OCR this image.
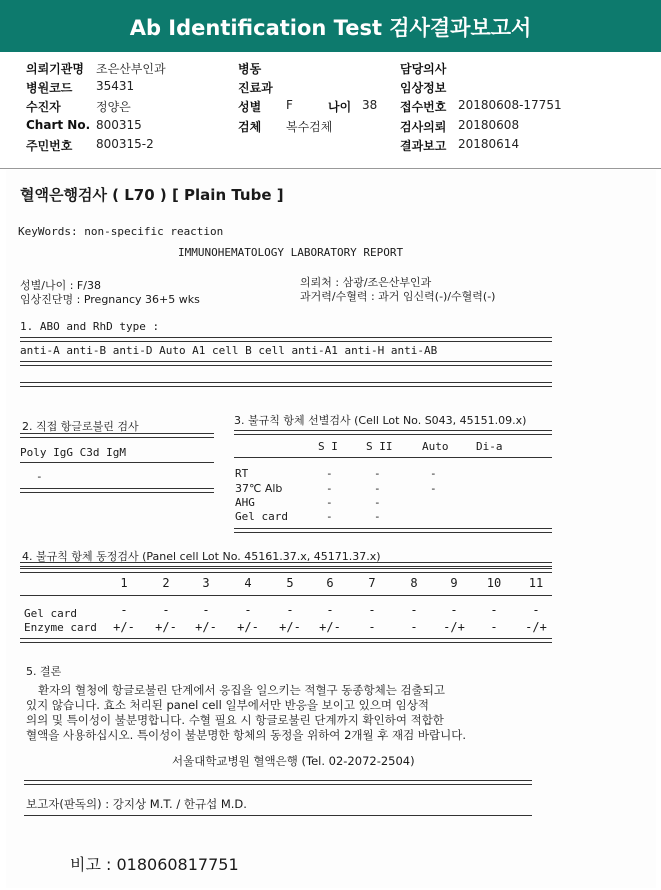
Ab Identification Test 검사결과보고서
의뢰기관명 조은산부인과
병원코드 35431
수진자	정양은
Chart No. 800315
주민번호 800315-2
병동
진료과
성별 F	나이 38
검체 복수검체
담당의사
임상정보
접수번호 20180608-17751
검사의뢰 20180608
결과보고 20180614
혈액은행검사 ( L70 ) [ Plain Tube ]
KeyWords: non-specific reaction
IMMUNOHEMATOLOGY LABORATORY REPORT
성별/나이 : F/38
임상진단명 : Pregnancy 36+5 wks
의뢰처 : 삼광/조은산부인과
과거력/수혈력 : 과거 임신력(-)/수혈력(-)
1. ABO and RhD type :
anti-A anti-B anti-D Auto A1 cell B cell anti-A1 anti-H anti-AB
2. 직접 항글로불린 검사
Poly IgG C3d IgM
-
3. 불규칙 항체 선별검사 (Cell Lot No. S043, 45151.09.x)
S I	S II	Auto	Di-a
RT	-	-	-
37℃ Alb	-	-	-
AHG	-	-
Gel card	-	-
4. 불규칙 항체 동정검사 (Panel cell Lot No. 45161.37.x, 45171.37.x)
1	2	3	4	5	6	7	8	9	10	11
Gel card	-	-	-	-	-	-	-	-	-	-	-
Enzyme card	+/-	+/-	+/-	+/-	+/-	+/-	-	-	-/+	-	-/+
5. 결론
환자의 혈청에 항글로불린 단계에서 응집을 일으키는 적혈구 동종항체는 검출되고
있지 않습니다. 효소 처리된 panel cell 일부에서만 반응을 보이고 있으며 임상적
의의 및 특이성이 불분명합니다. 수혈 필요 시 항글로불린 단계까지 확인하여 적합한
혈액을 사용하십시오. 특이성이 불분명한 항체의 동정을 위하여 2개월 후 재검 바랍니다.
서울대학교병원 혈액은행 (Tel. 02-2072-2504)
보고자(판독의) : 강지상 M.T. / 한규섭 M.D.
비고 : 018060817751
